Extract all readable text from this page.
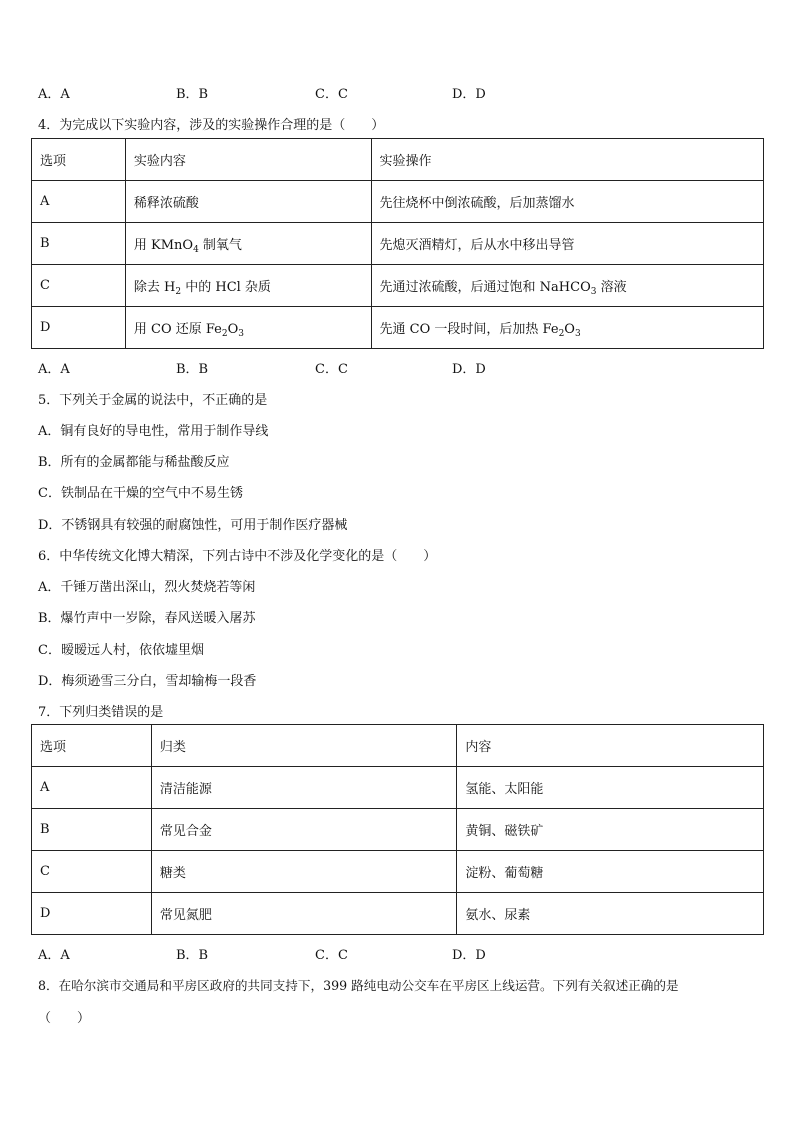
A．A	B．B	C．C	D．D
4．为完成以下实验内容，涉及的实验操作合理的是（　　）
选项	实验内容	实验操作
A	稀释浓硫酸	先往烧杯中倒浓硫酸，后加蒸馏水
B	用 KMnO$_4$ 制氧气	先熄灭酒精灯，后从水中移出导管
C	除去 $H_2$ 中的 HCl 杂质	先通过浓硫酸，后通过饱和 NaHCO$_3$ 溶液
D	用 CO 还原 $Fe_2O_3$	先通 CO 一段时间，后加热 $Fe_2O_3$
A．A	B．B	C．C	D．D
5．下列关于金属的说法中，不正确的是
A．铜有良好的导电性，常用于制作导线
B．所有的金属都能与稀盐酸反应
C．铁制品在干燥的空气中不易生锈
D．不锈钢具有较强的耐腐蚀性，可用于制作医疗器械
6．中华传统文化博大精深，下列古诗中不涉及化学变化的是（　　）
A．千锤万凿出深山，烈火焚烧若等闲
B．爆竹声中一岁除，春风送暖入屠苏
C．暧暧远人村，依依墟里烟
D．梅须逊雪三分白，雪却输梅一段香
7．下列归类错误的是
选项	归类	内容
A	清洁能源	氢能、太阳能
B	常见合金	黄铜、磁铁矿
C	糖类	淀粉、葡萄糖
D	常见氮肥	氨水、尿素
A．A	B．B	C．C	D．D
8．在哈尔滨市交通局和平房区政府的共同支持下，399 路纯电动公交车在平房区上线运营。下列有关叙述正确的是
（　　）
